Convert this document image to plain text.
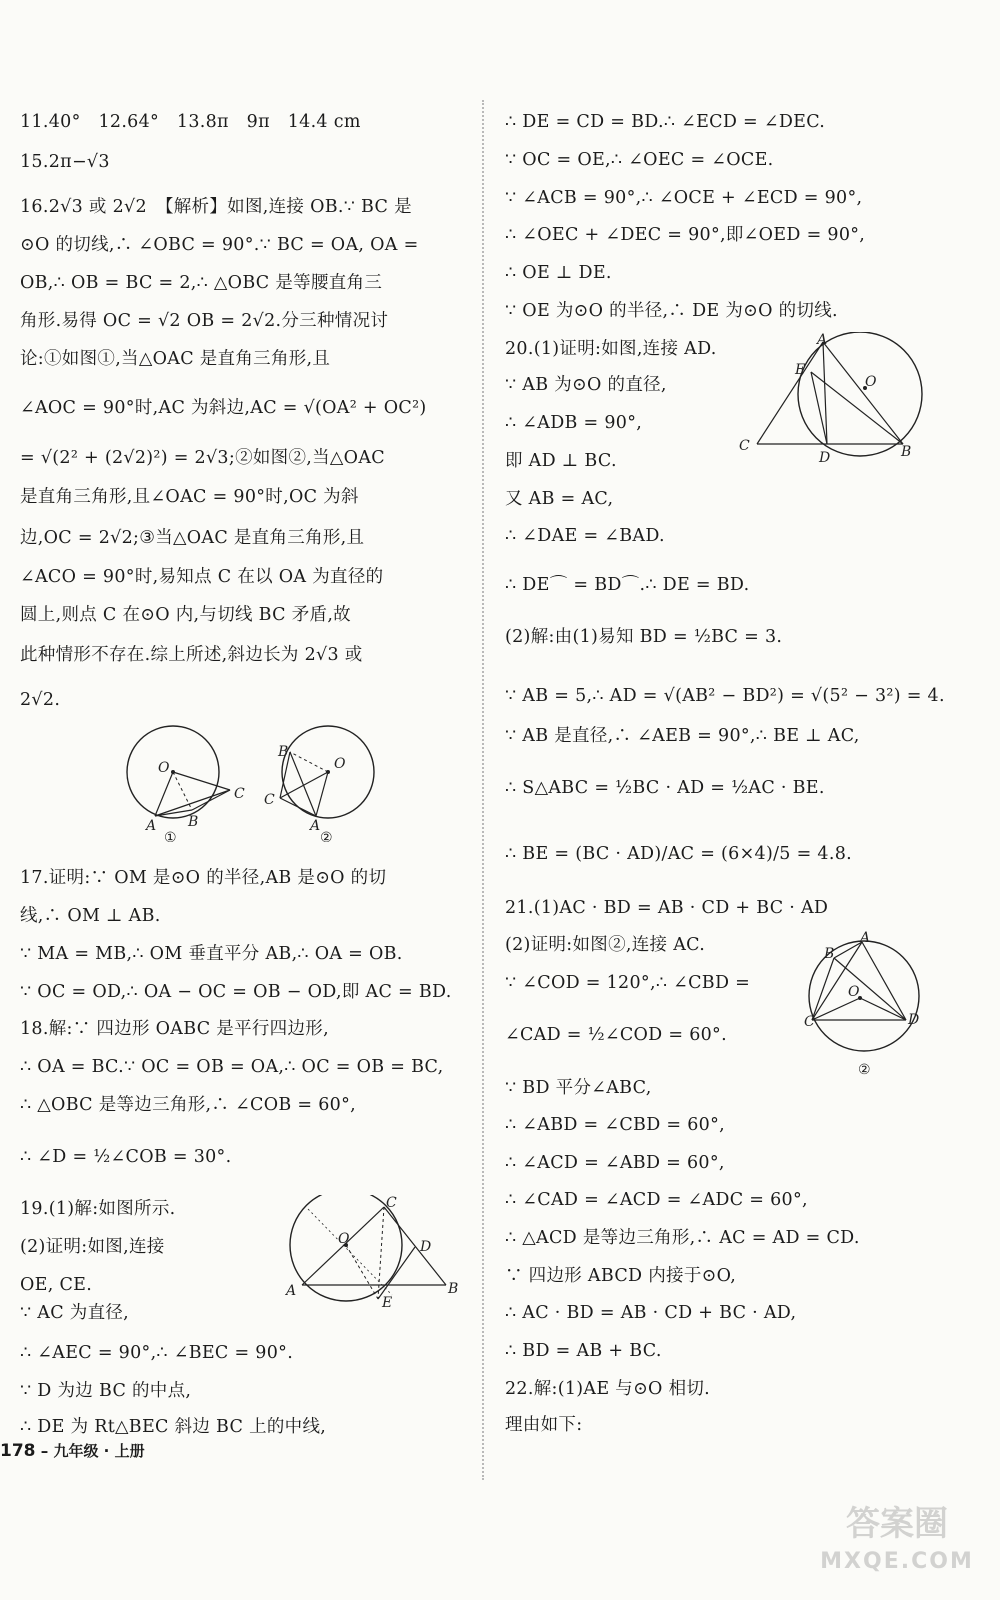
11.40°　12.64°　13.8π　9π　14.4 cm
15.2π−√3
16.2√3 或 2√2　【解析】如图,连接 OB.∵ BC 是
⊙O 的切线,∴ ∠OBC = 90°.∵ BC = OA, OA =
OB,∴ OB = BC = 2,∴ △OBC 是等腰直角三
角形.易得 OC = √2 OB = 2√2.分三种情况讨
论:①如图①,当△OAC 是直角三角形,且
∠AOC = 90°时,AC 为斜边,AC = √(OA² + OC²)
= √(2² + (2√2)²) = 2√3;②如图②,当△OAC
是直角三角形,且∠OAC = 90°时,OC 为斜
边,OC = 2√2;③当△OAC 是直角三角形,且
∠ACO = 90°时,易知点 C 在以 OA 为直径的
圆上,则点 C 在⊙O 内,与切线 BC 矛盾,故
此种情形不存在.综上所述,斜边长为 2√3 或
2√2.
17.证明:∵ OM 是⊙O 的半径,AB 是⊙O 的切
线,∴ OM ⊥ AB.
∵ MA = MB,∴ OM 垂直平分 AB,∴ OA = OB.
∵ OC = OD,∴ OA − OC = OB − OD,即 AC = BD.
18.解:∵ 四边形 OABC 是平行四边形,
∴ OA = BC.∵ OC = OB = OA,∴ OC = OB = BC,
∴ △OBC 是等边三角形,∴ ∠COB = 60°,
∴ ∠D = ½∠COB = 30°.
19.(1)解:如图所示.
(2)证明:如图,连接
OE, CE.
∵ AC 为直径,
∴ ∠AEC = 90°,∴ ∠BEC = 90°.
∵ D 为边 BC 的中点,
∴ DE 为 Rt△BEC 斜边 BC 上的中线,
∴ DE = CD = BD.∴ ∠ECD = ∠DEC.
∵ OC = OE,∴ ∠OEC = ∠OCE.
∵ ∠ACB = 90°,∴ ∠OCE + ∠ECD = 90°,
∴ ∠OEC + ∠DEC = 90°,即∠OED = 90°,
∴ OE ⊥ DE.
∵ OE 为⊙O 的半径,∴ DE 为⊙O 的切线.
20.(1)证明:如图,连接 AD.
∵ AB 为⊙O 的直径,
∴ ∠ADB = 90°,
即 AD ⊥ BC.
又 AB = AC,
∴ ∠DAE = ∠BAD.
∴ DE⌒ = BD⌒.∴ DE = BD.
(2)解:由(1)易知 BD = ½BC = 3.
∵ AB = 5,∴ AD = √(AB² − BD²) = √(5² − 3²) = 4.
∵ AB 是直径,∴ ∠AEB = 90°,∴ BE ⊥ AC,
∴ S△ABC = ½BC · AD = ½AC · BE.
∴ BE = (BC · AD)/AC = (6×4)/5 = 4.8.
21.(1)AC · BD = AB · CD + BC · AD
(2)证明:如图②,连接 AC.
∵ ∠COD = 120°,∴ ∠CBD =
∠CAD = ½∠COD = 60°.
∵ BD 平分∠ABC,
∴ ∠ABD = ∠CBD = 60°,
∴ ∠ACD = ∠ABD = 60°,
∴ ∠CAD = ∠ACD = ∠ADC = 60°,
∴ △ACD 是等边三角形,∴ AC = AD = CD.
∵ 四边形 ABCD 内接于⊙O,
∴ AC · BD = AB · CD + BC · AD,
∴ BD = AB + BC.
22.解:(1)AE 与⊙O 相切.
理由如下:
O
C
A B
①
B
O
C
A
②
C
O	D
A
E
B
A
E
O
C
D	B
A
B
O
C	D
②
178 – 九年级 · 上册
答案圈
MXQE.COM
